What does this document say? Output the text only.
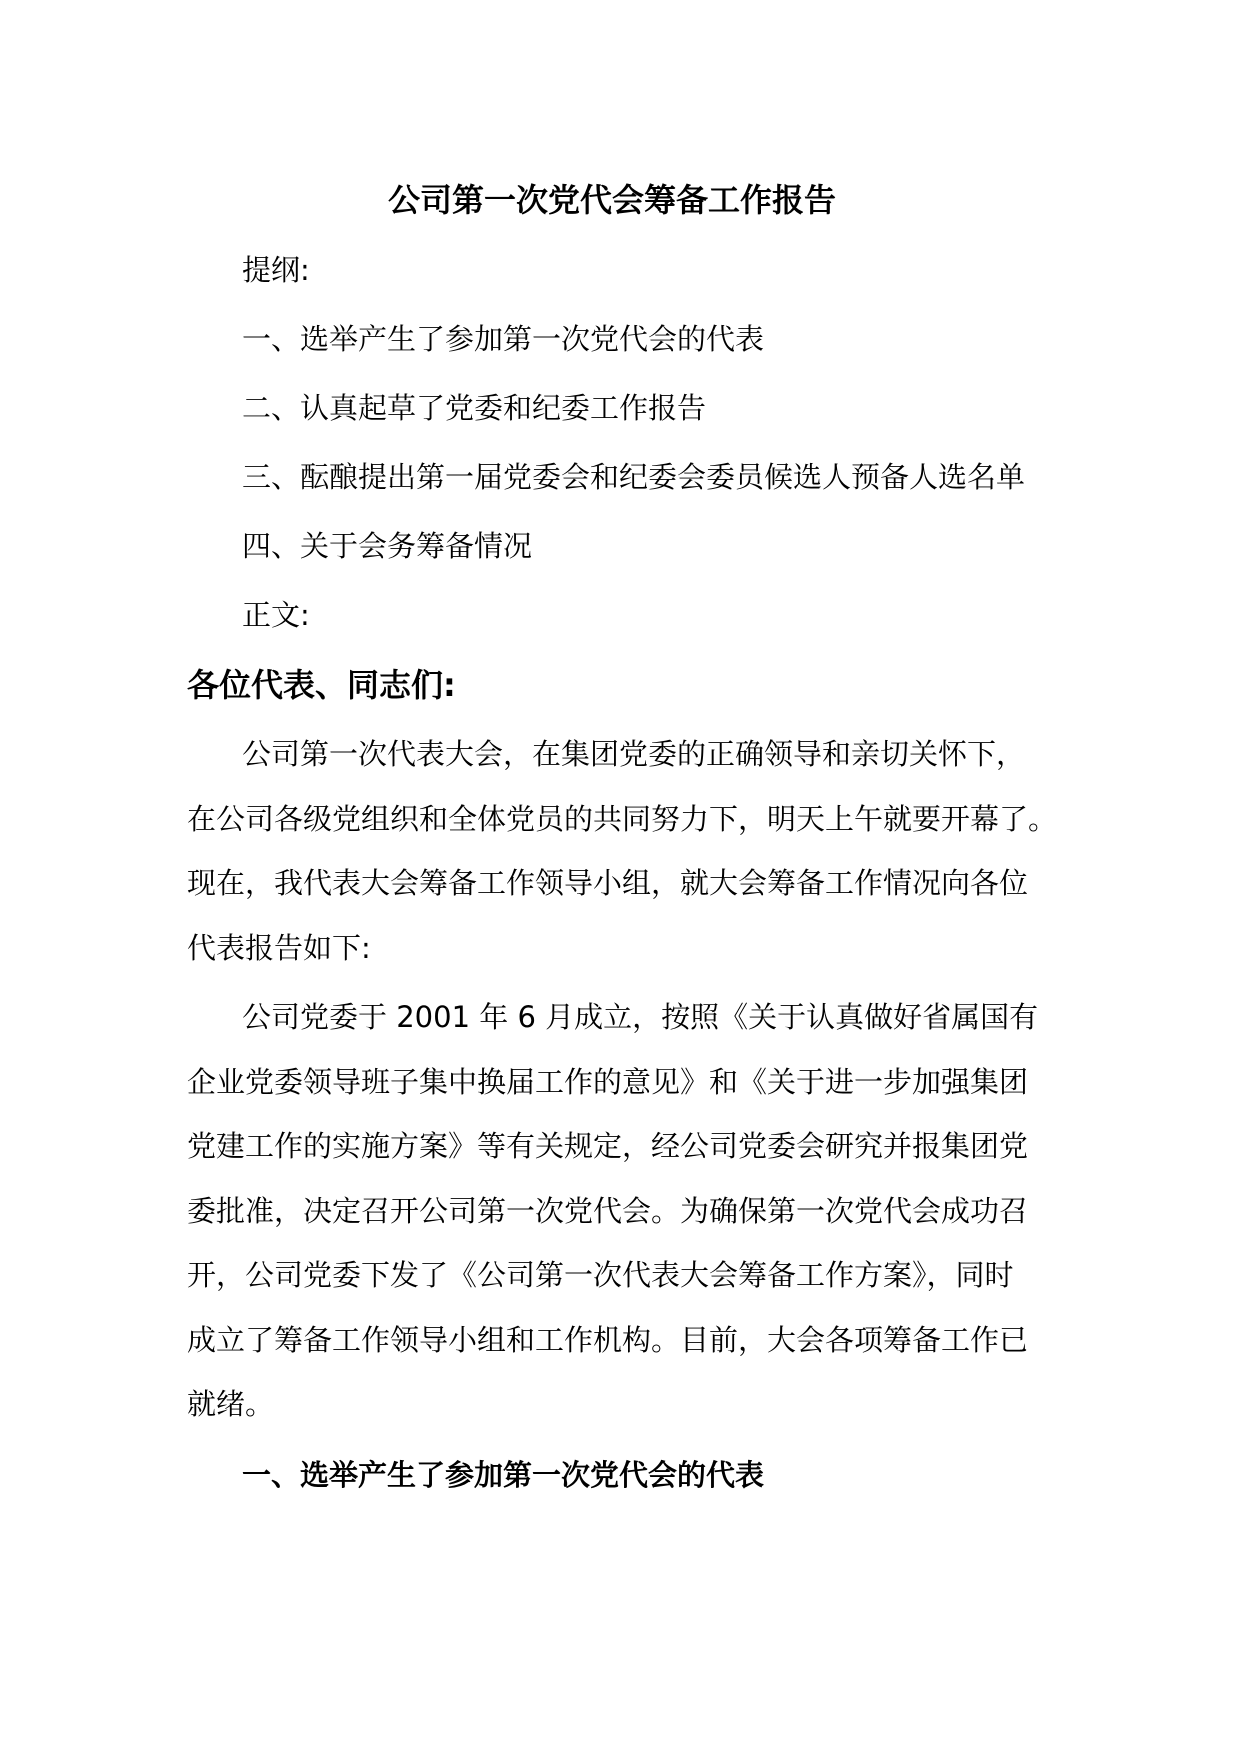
公司第一次党代会筹备工作报告
提纲:
一、选举产生了参加第一次党代会的代表
二、认真起草了党委和纪委工作报告
三、酝酿提出第一届党委会和纪委会委员候选人预备人选名单
四、关于会务筹备情况
正文:
各位代表、同志们:
公司第一次代表大会，在集团党委的正确领导和亲切关怀下，
在公司各级党组织和全体党员的共同努力下，明天上午就要开幕了。
现在，我代表大会筹备工作领导小组，就大会筹备工作情况向各位
代表报告如下:
公司党委于 2001 年 6 月成立，按照《关于认真做好省属国有
企业党委领导班子集中换届工作的意见》和《关于进一步加强集团
党建工作的实施方案》等有关规定，经公司党委会研究并报集团党
委批准，决定召开公司第一次党代会。为确保第一次党代会成功召
开，公司党委下发了《公司第一次代表大会筹备工作方案》，同时
成立了筹备工作领导小组和工作机构。目前，大会各项筹备工作已
就绪。
一、选举产生了参加第一次党代会的代表
